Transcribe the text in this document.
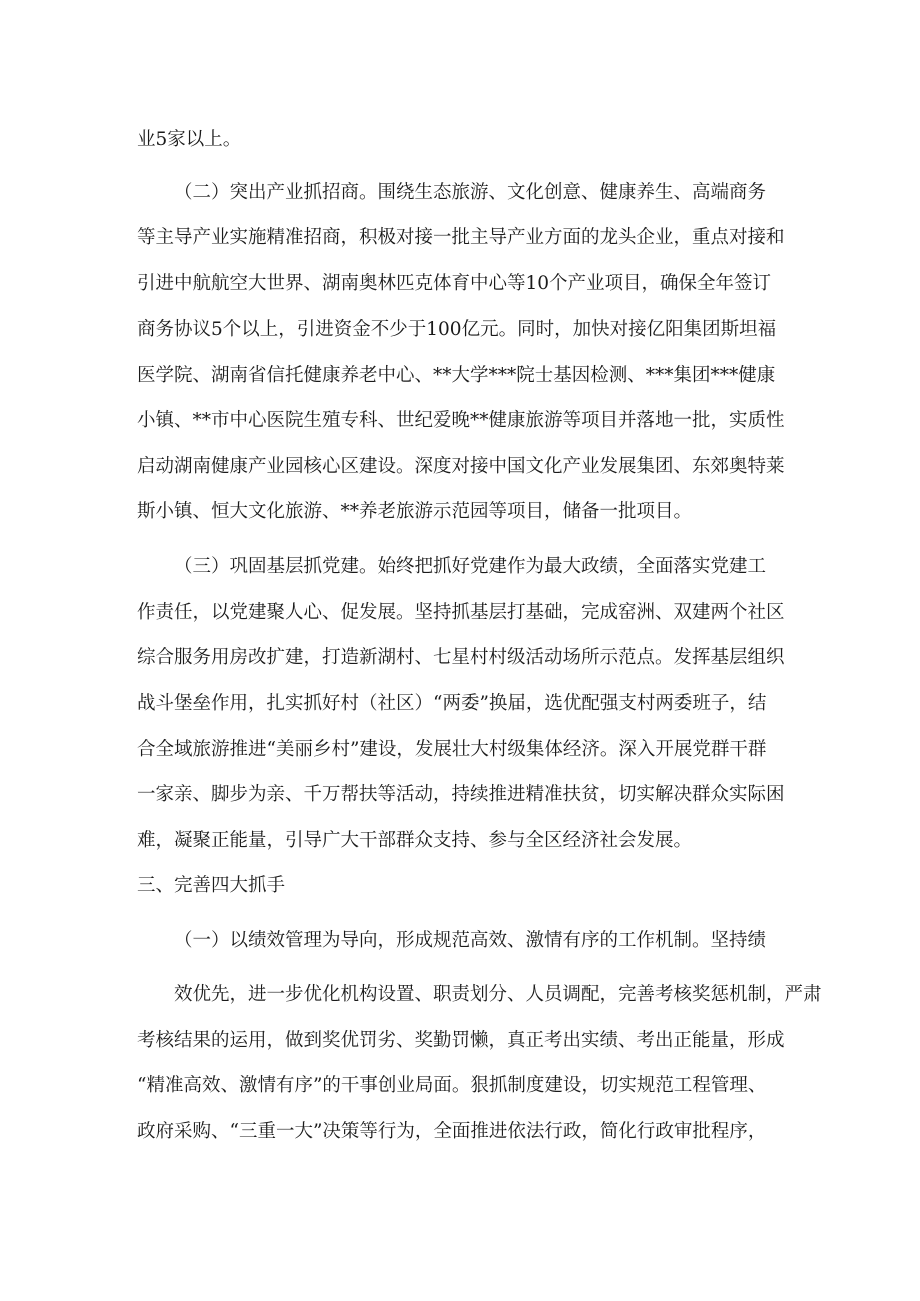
业5家以上。
（二）突出产业抓招商。围绕生态旅游、文化创意、健康养生、高端商务
等主导产业实施精准招商，积极对接一批主导产业方面的龙头企业，重点对接和
引进中航航空大世界、湖南奥林匹克体育中心等10个产业项目，确保全年签订
商务协议5个以上，引进资金不少于100亿元。同时，加快对接亿阳集团斯坦福
医学院、湖南省信托健康养老中心、**大学***院士基因检测、***集团***健康
小镇、**市中心医院生殖专科、世纪爱晚**健康旅游等项目并落地一批，实质性
启动湖南健康产业园核心区建设。深度对接中国文化产业发展集团、东郊奥特莱
斯小镇、恒大文化旅游、**养老旅游示范园等项目，储备一批项目。
（三）巩固基层抓党建。始终把抓好党建作为最大政绩，全面落实党建工
作责任，以党建聚人心、促发展。坚持抓基层打基础，完成窑洲、双建两个社区
综合服务用房改扩建，打造新湖村、七星村村级活动场所示范点。发挥基层组织
战斗堡垒作用，扎实抓好村（社区）“两委”换届，选优配强支村两委班子，结
合全域旅游推进“美丽乡村”建设，发展壮大村级集体经济。深入开展党群干群
一家亲、脚步为亲、千万帮扶等活动，持续推进精准扶贫，切实解决群众实际困
难，凝聚正能量，引导广大干部群众支持、参与全区经济社会发展。
三、完善四大抓手
（一）以绩效管理为导向，形成规范高效、激情有序的工作机制。坚持绩
效优先，进一步优化机构设置、职责划分、人员调配，完善考核奖惩机制，严肃
考核结果的运用，做到奖优罚劣、奖勤罚懒，真正考出实绩、考出正能量，形成
“精准高效、激情有序”的干事创业局面。狠抓制度建设，切实规范工程管理、
政府采购、“三重一大”决策等行为，全面推进依法行政，简化行政审批程序，
